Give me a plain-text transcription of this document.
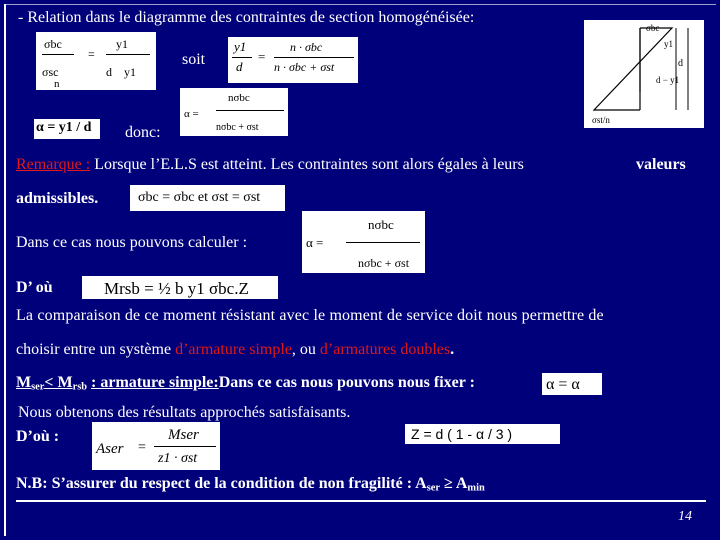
- Relation dans le diagramme des contraintes de section homogénéisée:
σbc	y1
=
σsc	d y1
n
soit
y1
d
=
n · σbc
n · σbc + σst
σbc
y1
d
d − y1
σst/n
α =
nσbc
nσbc + σst
α = y1 / d donc:
Remarque : Lorsque l’E.L.S est atteint. Les contraintes sont alors égales à leurs	valeurs
admissibles.	σbc = σbc et σst = σst
Dans ce cas nous pouvons calculer :	α =
nσbc
nσbc + σst
D’ où	Mrsb = ½ b y1 σbc.Z
La comparaison de ce moment résistant avec le moment de service doit nous permettre de
choisir entre un système d’armature simple, ou d’armatures doubles.
$M_{ser}< M_{rsb}$ : armature simple:Dans ce cas nous pouvons nous fixer :	α = α
Nous obtenons des résultats approchés satisfaisants.
D’où :
Aser =
Mser
z1 · σst
Z = d ( 1 - α / 3 )
N.B: S’assurer du respect de la condition de non fragilité : $A_{ser} \ge A_{min}$
14
